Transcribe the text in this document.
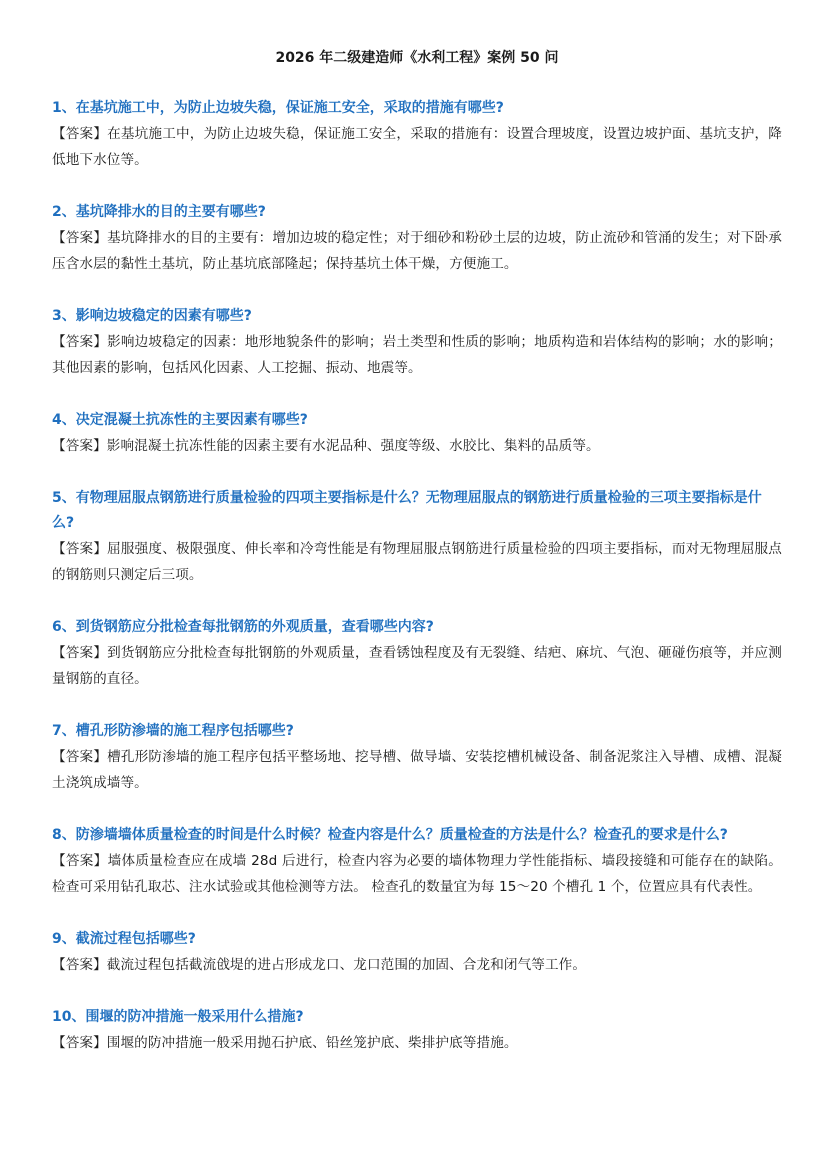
2026 年二级建造师《水利工程》案例 50 问

1、在基坑施工中，为防止边坡失稳，保证施工安全，采取的措施有哪些?

【答案】在基坑施工中，为防止边坡失稳，保证施工安全，采取的措施有：设置合理坡度，设置边坡护面、基坑支护，降低地下水位等。

2、基坑降排水的目的主要有哪些?

【答案】基坑降排水的目的主要有：增加边坡的稳定性；对于细砂和粉砂土层的边坡，防止流砂和管涌的发生；对下卧承压含水层的黏性土基坑，防止基坑底部隆起；保持基坑土体干燥，方便施工。

3、影响边坡稳定的因素有哪些?

【答案】影响边坡稳定的因素：地形地貌条件的影响；岩土类型和性质的影响；地质构造和岩体结构的影响；水的影响；其他因素的影响，包括风化因素、人工挖掘、振动、地震等。

4、决定混凝土抗冻性的主要因素有哪些?

【答案】影响混凝土抗冻性能的因素主要有水泥品种、强度等级、水胶比、集料的品质等。

5、有物理屈服点钢筋进行质量检验的四项主要指标是什么？无物理屈服点的钢筋进行质量检验的三项主要指标是什么?

【答案】屈服强度、极限强度、伸长率和冷弯性能是有物理屈服点钢筋进行质量检验的四项主要指标，而对无物理屈服点的钢筋则只测定后三项。

6、到货钢筋应分批检查每批钢筋的外观质量，查看哪些内容?

【答案】到货钢筋应分批检查每批钢筋的外观质量，查看锈蚀程度及有无裂缝、结疤、麻坑、气泡、砸碰伤痕等，并应测量钢筋的直径。

7、槽孔形防渗墙的施工程序包括哪些?

【答案】槽孔形防渗墙的施工程序包括平整场地、挖导槽、做导墙、安装挖槽机械设备、制备泥浆注入导槽、成槽、混凝土浇筑成墙等。

8、防渗墙墙体质量检查的时间是什么时候？检查内容是什么？质量检查的方法是什么？检查孔的要求是什么?

【答案】墙体质量检查应在成墙 28d 后进行，检查内容为必要的墙体物理力学性能指标、墙段接缝和可能存在的缺陷。检查可采用钻孔取芯、注水试验或其他检测等方法。 检查孔的数量宜为每 15～20 个槽孔 1 个，位置应具有代表性。

9、截流过程包括哪些?

【答案】截流过程包括截流戗堤的进占形成龙口、龙口范围的加固、合龙和闭气等工作。

10、围堰的防冲措施一般采用什么措施?

【答案】围堰的防冲措施一般采用抛石护底、铅丝笼护底、柴排护底等措施。
